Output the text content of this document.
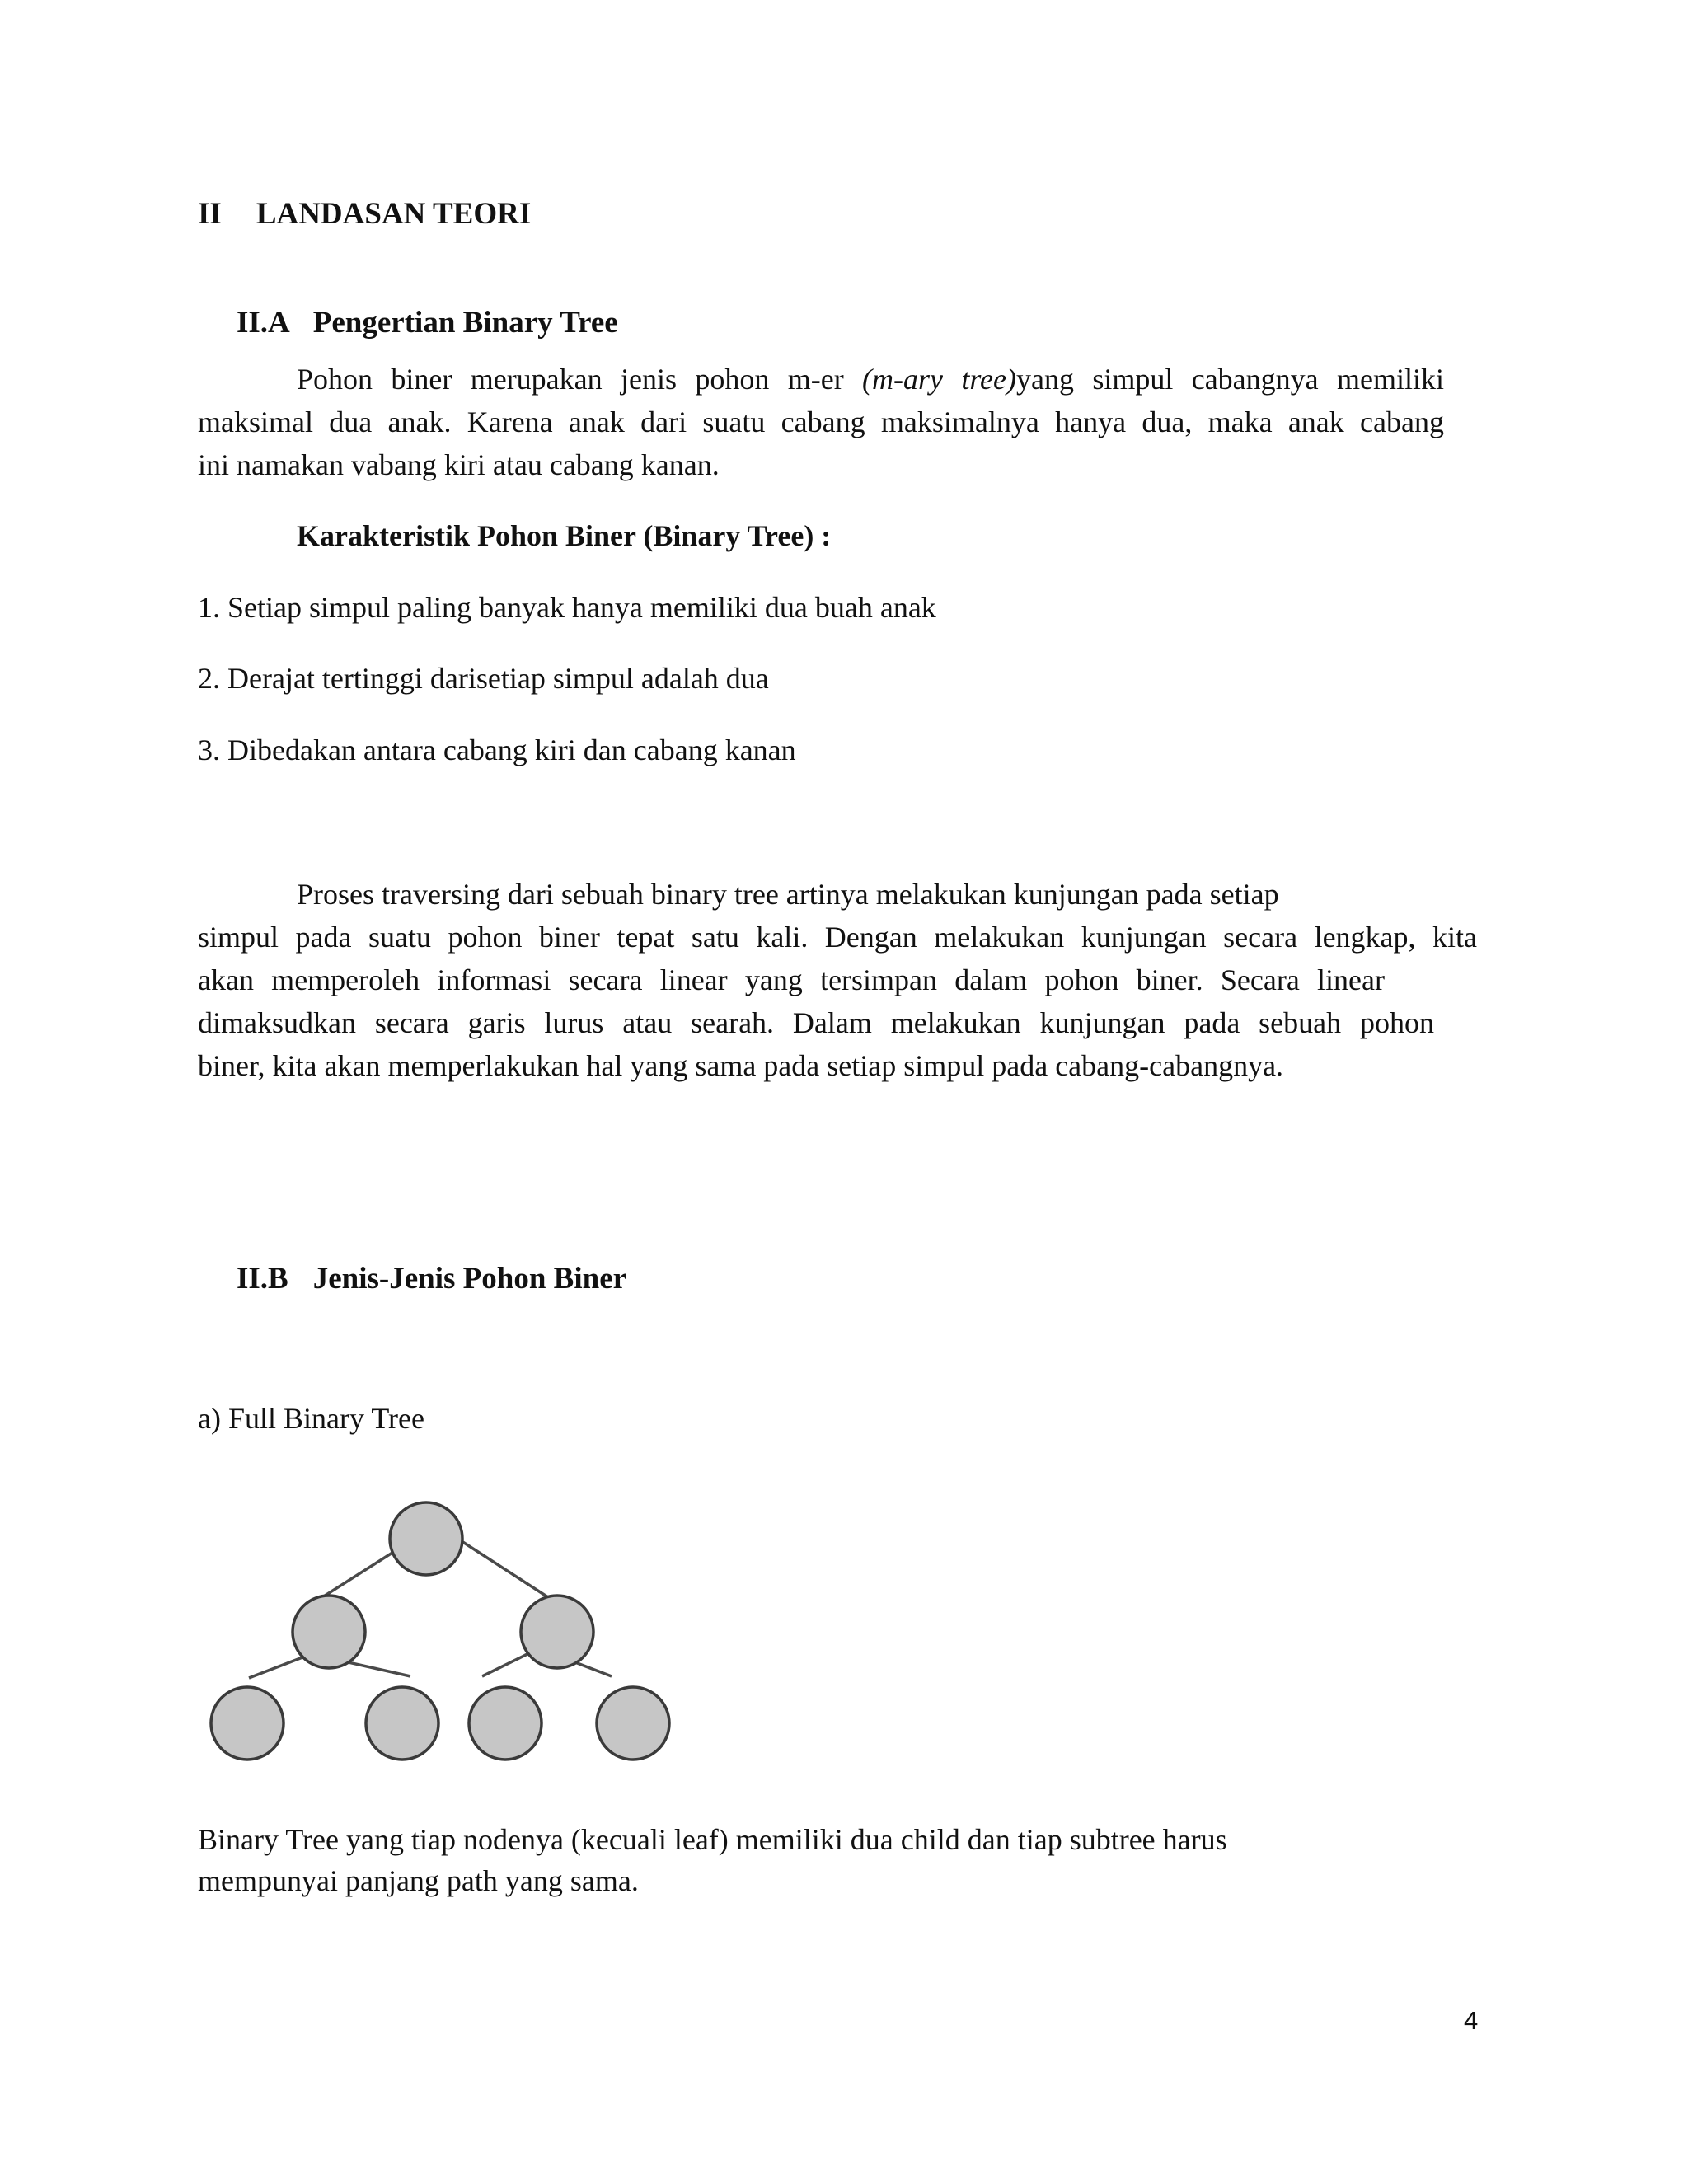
II LANDASAN TEORI
II.A Pengertian Binary Tree

Pohon biner merupakan jenis pohon m-er (m-ary tree)yang simpul cabangnya memiliki

maksimal dua anak. Karena anak dari suatu cabang maksimalnya hanya dua, maka anak cabang

ini namakan vabang kiri atau cabang kanan.

Karakteristik Pohon Biner (Binary Tree) :
1. Setiap simpul paling banyak hanya memiliki dua buah anak
2. Derajat tertinggi darisetiap simpul adalah dua
3. Dibedakan antara cabang kiri dan cabang kanan

Proses traversing dari sebuah binary tree artinya melakukan kunjungan pada setiap

simpul pada suatu pohon biner tepat satu kali. Dengan melakukan kunjungan secara lengkap, kita

akan memperoleh informasi secara linear yang tersimpan dalam pohon biner. Secara linear

dimaksudkan secara garis lurus atau searah. Dalam melakukan kunjungan pada sebuah pohon

biner, kita akan memperlakukan hal yang sama pada setiap simpul pada cabang-cabangnya.

II.B Jenis-Jenis Pohon Biner
a) Full Binary Tree
Binary Tree yang tiap nodenya (kecuali leaf) memiliki dua child dan tiap subtree harus
mempunyai panjang path yang sama.
4
